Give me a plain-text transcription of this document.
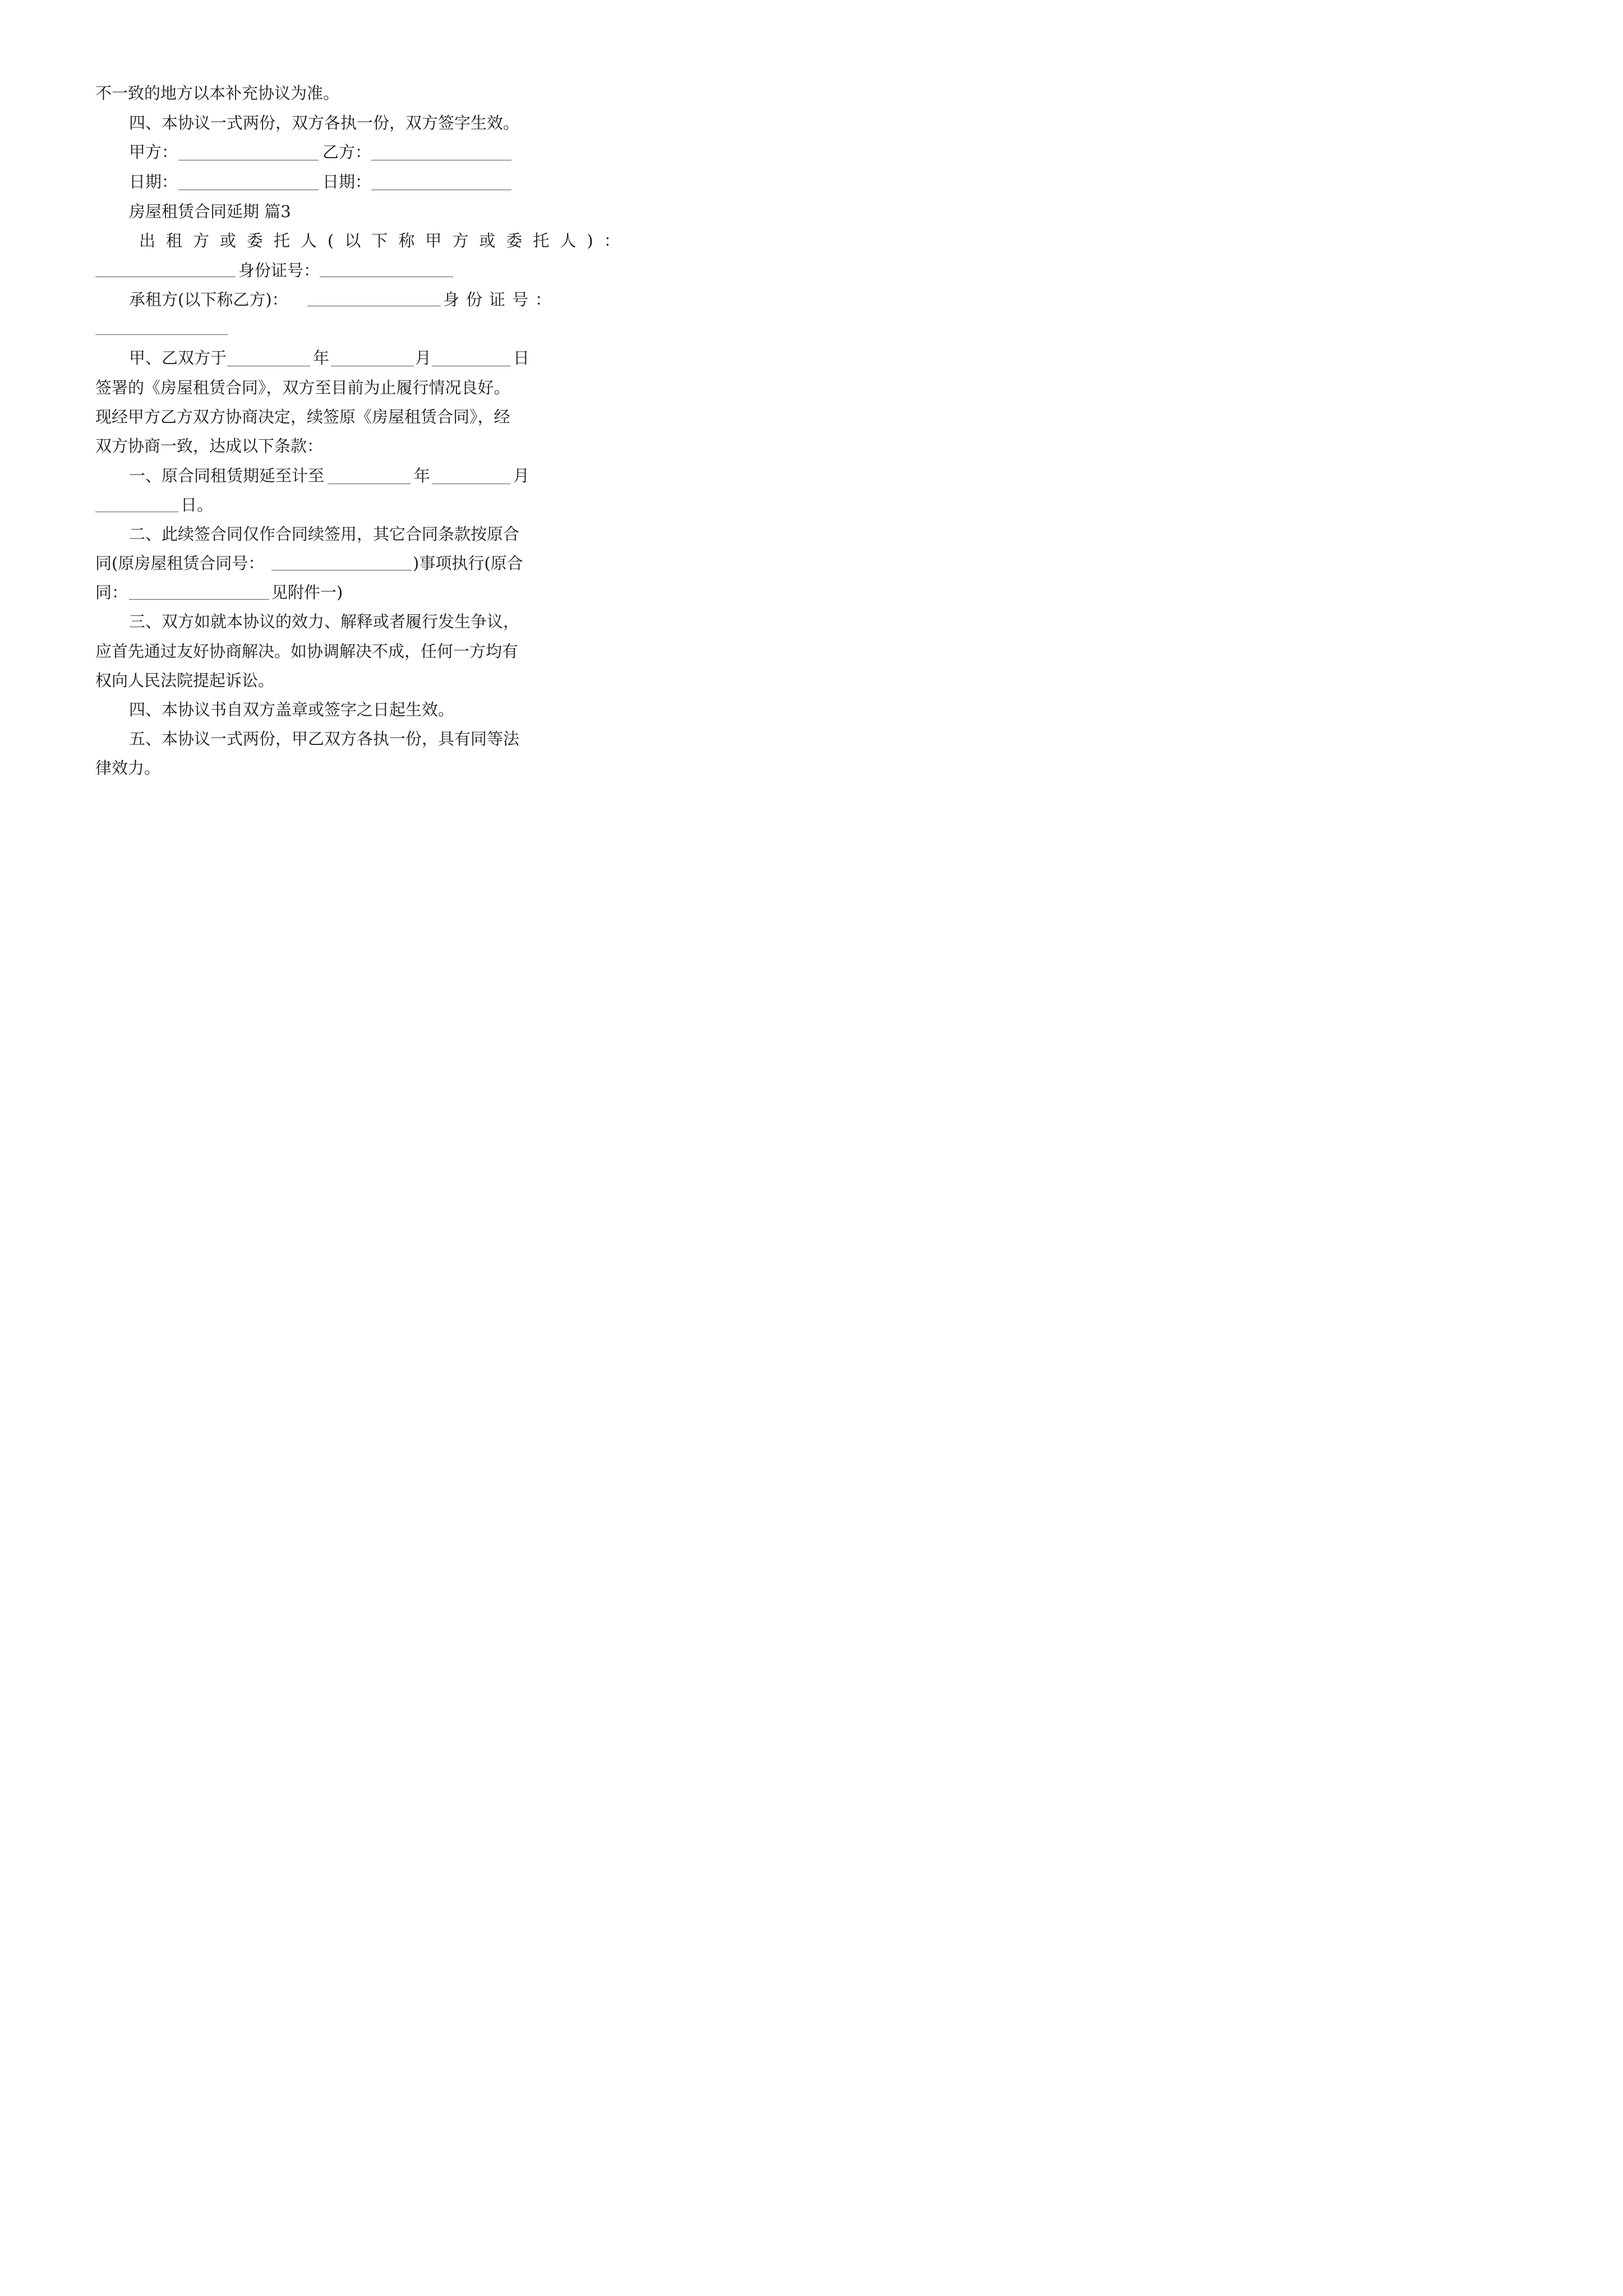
不一致的地方以本补充协议为准。
四、本协议一式两份，双方各执一份，双方签字生效。
甲方：	乙方：
日期：	日期：
房屋租赁合同延期 篇3
出租方或委托人(以下称甲方或委托人)：
身份证号：
承租方(以下称乙方)：	身份证号：
甲、乙双方于	年	月	日
签署的《房屋租赁合同》，双方至目前为止履行情况良好。
现经甲方乙方双方协商决定，续签原《房屋租赁合同》，经
双方协商一致，达成以下条款：
一、原合同租赁期延至计至	年	月
日。
二、此续签合同仅作合同续签用，其它合同条款按原合
同(原房屋租赁合同号：	)事项执行(原合
同：	见附件一)
三、双方如就本协议的效力、解释或者履行发生争议，
应首先通过友好协商解决。如协调解决不成，任何一方均有
权向人民法院提起诉讼。
四、本协议书自双方盖章或签字之日起生效。
五、本协议一式两份，甲乙双方各执一份，具有同等法
律效力。
